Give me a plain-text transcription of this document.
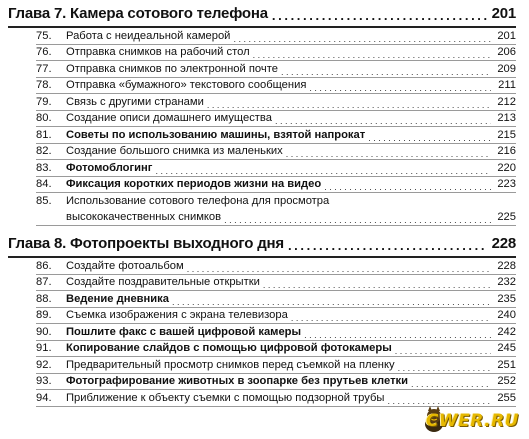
Глава 7. Камера сотового телефона . . .	201
75.	Работа с неидеальной камерой . . .	201
76.	Отправка снимков на рабочий стол . . .	206
77.	Отправка снимков по электронной почте . . .	209
78.	Отправка «бумажного» текстового сообщения . . .	211
79.	Связь с другими странами . . .	212
80.	Создание описи домашнего имущества . . .	213
81.	Советы по использованию машины, взятой напрокат . . .	215
82.	Создание большого снимка из маленьких . . .	216
83.	Фотомоблогинг . . .	220
84.	Фиксация коротких периодов жизни на видео . . .	223
85.	Использование сотового телефона для просмотра
высококачественных снимков . . .	225
Глава 8. Фотопроекты выходного дня . . .	228
86.	Создайте фотоальбом . . .	228
87.	Создайте поздравительные открытки . . .	232
88.	Ведение дневника . . .	235
89.	Съемка изображения с экрана телевизора . . .	240
90.	Пошлите факс с вашей цифровой камеры . . .	242
91.	Копирование слайдов с помощью цифровой фотокамеры . . .	245
92.	Предварительный просмотр снимков перед съемкой на пленку . . .	251
93.	Фотографирование животных в зоопарке без прутьев клетки . . .	252
94.	Приближение к объекту съемки с помощью подзорной трубы . . .	255
CWER.RU
